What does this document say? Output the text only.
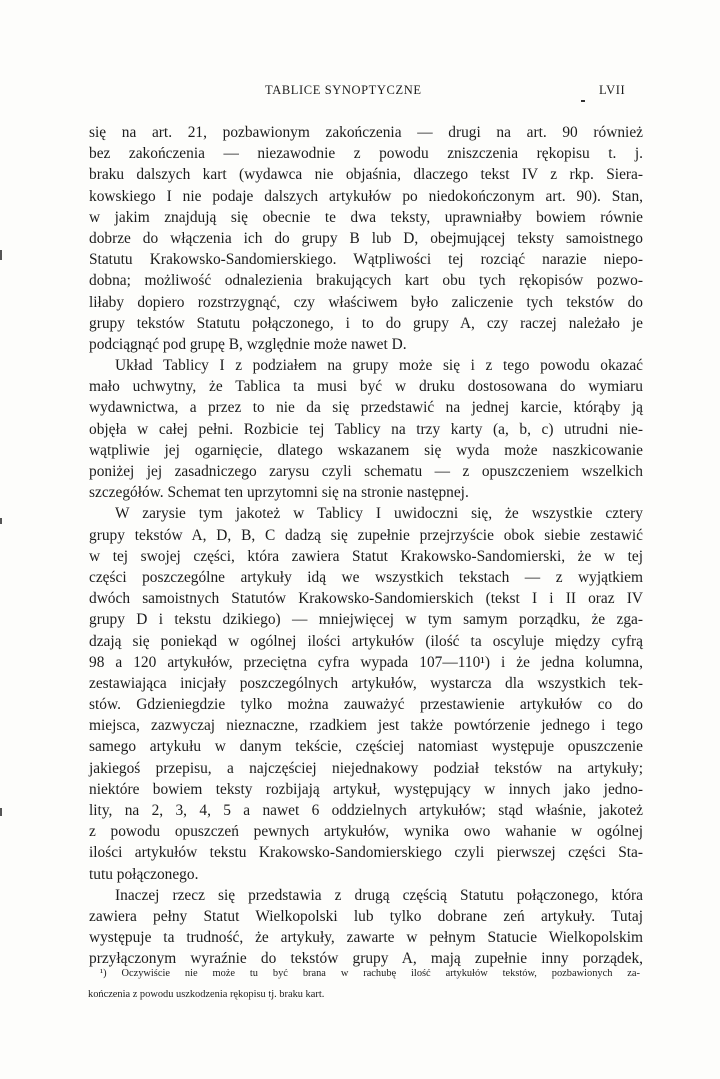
TABLICE SYNOPTYCZNE	LVII
się na art. 21, pozbawionym zakończenia — drugi na art. 90 również
bez zakończenia — niezawodnie z powodu zniszczenia rękopisu t. j.
braku dalszych kart (wydawca nie objaśnia, dlaczego tekst IV z rkp. Siera-
kowskiego I nie podaje dalszych artykułów po niedokończonym art. 90). Stan,
w jakim znajdują się obecnie te dwa teksty, uprawniałby bowiem równie
dobrze do włączenia ich do grupy B lub D, obejmującej teksty samoistnego
Statutu Krakowsko-Sandomierskiego. Wątpliwości tej rozciąć narazie niepo-
dobna; możliwość odnalezienia brakujących kart obu tych rękopisów pozwo-
liłaby dopiero rozstrzygnąć, czy właściwem było zaliczenie tych tekstów do
grupy tekstów Statutu połączonego, i to do grupy A, czy raczej należało je
podciągnąć pod grupę B, względnie może nawet D.
Układ Tablicy I z podziałem na grupy może się i z tego powodu okazać
mało uchwytny, że Tablica ta musi być w druku dostosowana do wymiaru
wydawnictwa, a przez to nie da się przedstawić na jednej karcie, którąby ją
objęła w całej pełni. Rozbicie tej Tablicy na trzy karty (a, b, c) utrudni nie-
wątpliwie jej ogarnięcie, dlatego wskazanem się wyda może naszkicowanie
poniżej jej zasadniczego zarysu czyli schematu — z opuszczeniem wszelkich
szczegółów. Schemat ten uprzytomni się na stronie następnej.
W zarysie tym jakoteż w Tablicy I uwidoczni się, że wszystkie cztery
grupy tekstów A, D, B, C dadzą się zupełnie przejrzyście obok siebie zestawić
w tej swojej części, która zawiera Statut Krakowsko-Sandomierski, że w tej
części poszczególne artykuły idą we wszystkich tekstach — z wyjątkiem
dwóch samoistnych Statutów Krakowsko-Sandomierskich (tekst I i II oraz IV
grupy D i tekstu dzikiego) — mniejwięcej w tym samym porządku, że zga-
dzają się poniekąd w ogólnej ilości artykułów (ilość ta oscyluje między cyfrą
98 a 120 artykułów, przeciętna cyfra wypada 107—110¹) i że jedna kolumna,
zestawiająca inicjały poszczególnych artykułów, wystarcza dla wszystkich tek-
stów. Gdzieniegdzie tylko można zauważyć przestawienie artykułów co do
miejsca, zazwyczaj nieznaczne, rzadkiem jest także powtórzenie jednego i tego
samego artykułu w danym tekście, częściej natomiast występuje opuszczenie
jakiegoś przepisu, a najczęściej niejednakowy podział tekstów na artykuły;
niektóre bowiem teksty rozbijają artykuł, występujący w innych jako jedno-
lity, na 2, 3, 4, 5 a nawet 6 oddzielnych artykułów; stąd właśnie, jakoteż
z powodu opuszczeń pewnych artykułów, wynika owo wahanie w ogólnej
ilości artykułów tekstu Krakowsko-Sandomierskiego czyli pierwszej części Sta-
tutu połączonego.
Inaczej rzecz się przedstawia z drugą częścią Statutu połączonego, która
zawiera pełny Statut Wielkopolski lub tylko dobrane zeń artykuły. Tutaj
występuje ta trudność, że artykuły, zawarte w pełnym Statucie Wielkopolskim
przyłączonym wyraźnie do tekstów grupy A, mają zupełnie inny porządek,
¹) Oczywiście nie może tu być brana w rachubę ilość artykułów tekstów, pozbawionych za-
kończenia z powodu uszkodzenia rękopisu tj. braku kart.
